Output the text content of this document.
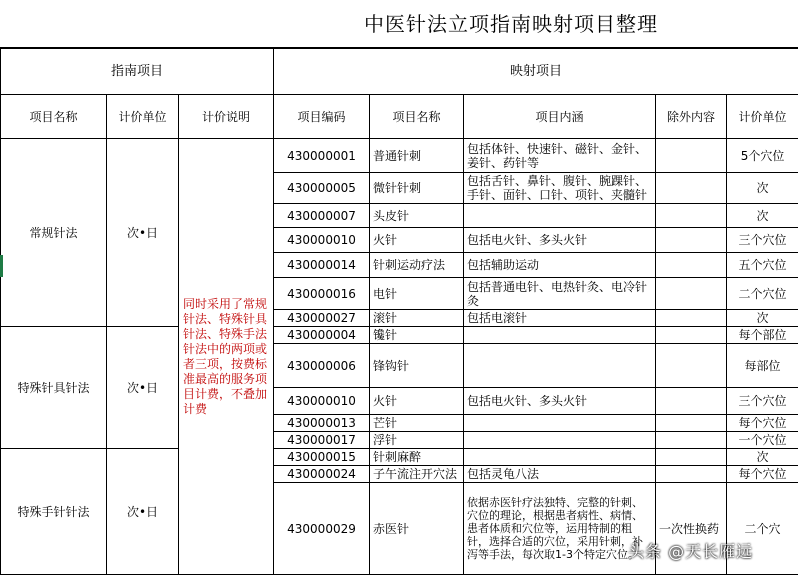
中医针法立项指南映射项目整理
指南项目			映射项目				
项目名称	计价单位	计价说明	项目编码	项目名称	项目内涵	除外内容	计价单位
常规针法	次•日	同时采用了常规针法、特殊针具针法、特殊手法针法中的两项或者三项，按费标准最高的服务项目计费，不叠加计费	430000001	普通针刺	包括体针、快速针、磁针、金针、姜针、药针等		5个穴位
			430000005	微针针刺	包括舌针、鼻针、腹针、腕踝针、手针、面针、口针、项针、夹髓针		次
			430000007	头皮针			次
			430000010	火针	包括电火针、多头火针		三个穴位
			430000014	针刺运动疗法	包括辅助运动		五个穴位
			430000016	电针	包括普通电针、电热针灸、电冷针灸		二个穴位
			430000027	滚针	包括电滚针		次
特殊针具针法	次•日		430000004	镵针			每个部位
			430000006	锋钩针			每部位
			430000010	火针	包括电火针、多头火针		三个穴位
			430000013	芒针			每个穴位
			430000017	浮针			一个穴位
特殊手针针法	次•日		430000015	针刺麻醉			次
			430000024	子午流注开穴法	包括灵龟八法		每个穴位
			430000029	赤医针	依据赤医针疗法独特、完整的针刺、穴位的理论，根据患者病性、病情、患者体质和穴位等，运用特制的粗针，选择合适的穴位，采用针刺，补泻等手法，每次取1-3个特定穴位。	一次性换药	二个穴
头条 @天长雁远
